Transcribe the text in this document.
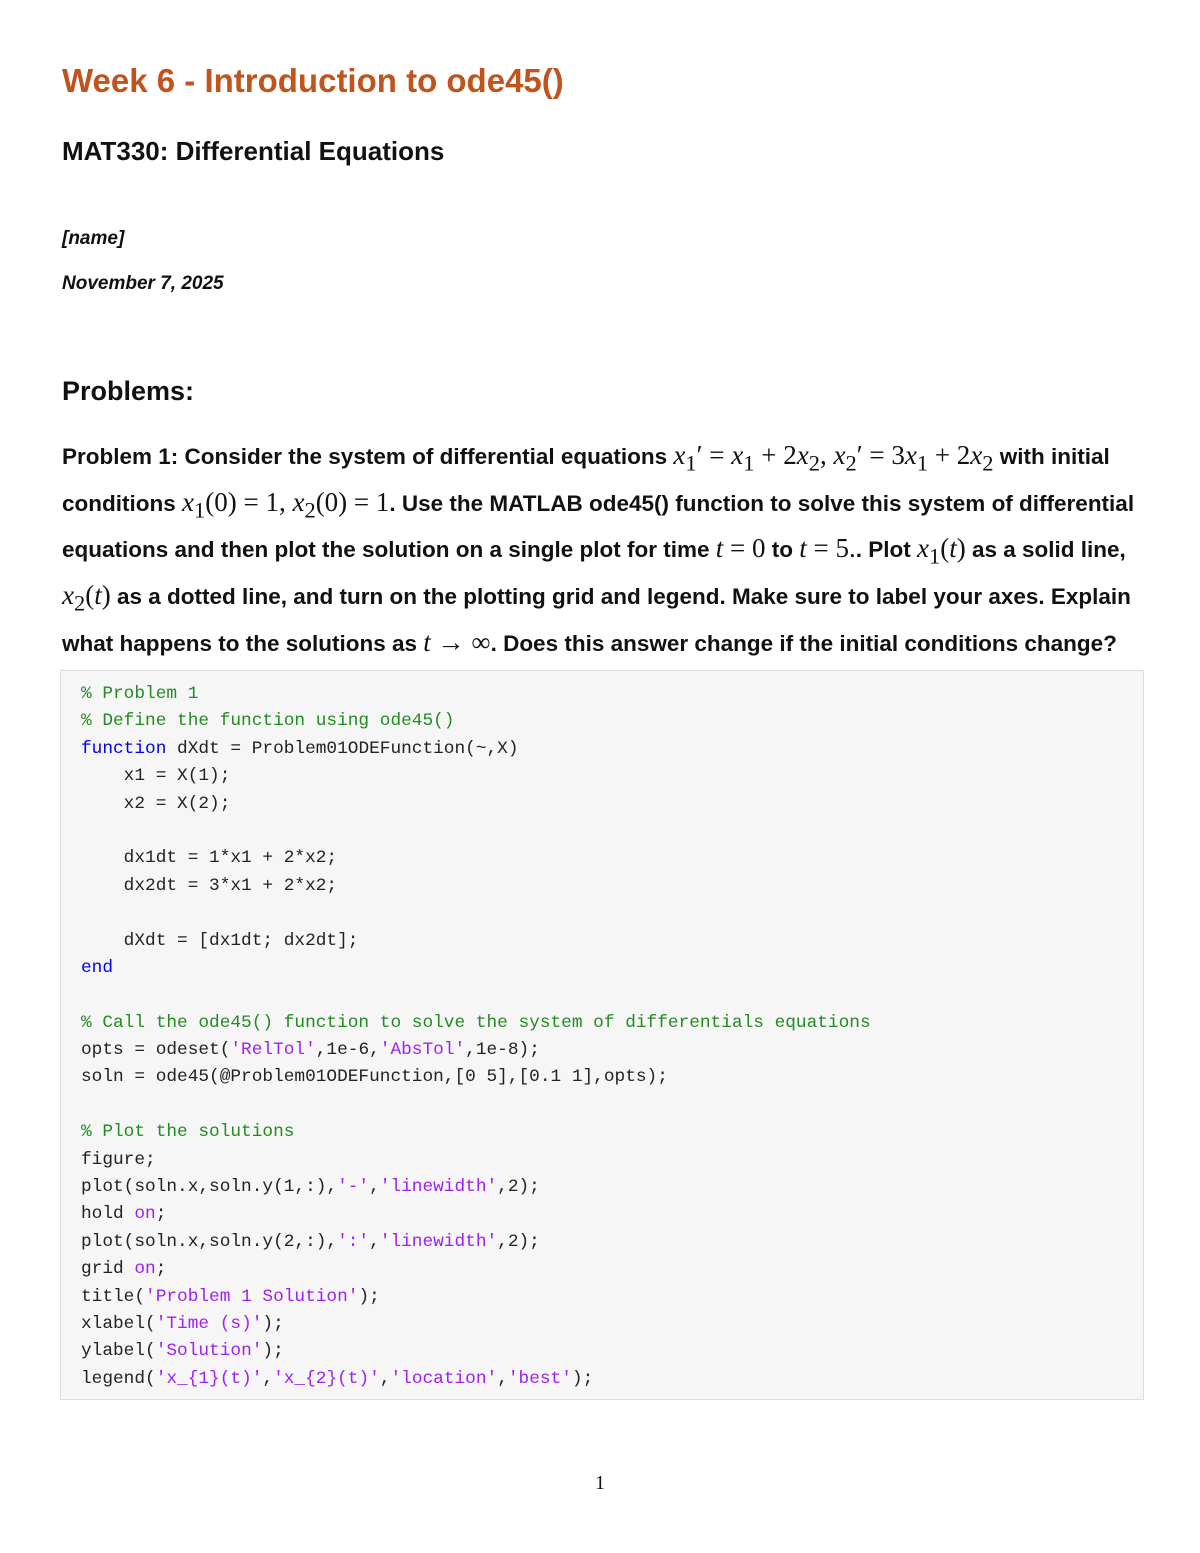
Week 6 - Introduction to ode45()
MAT330: Differential Equations

[name]

November 7, 2025

Problems:

Problem 1: Consider the system of differential equations $x_1' = x_1 + 2x_2$, $x_2' = 3x_1 + 2x_2$ with initial conditions $x_1(0) = 1$, $x_2(0) = 1$. Use the MATLAB ode45() function to solve this system of differential equations and then plot the solution on a single plot for time t = 0 to t = 5.. Plot $x_1(t)$ as a solid line, $x_2(t)$ as a dotted line, and turn on the plotting grid and legend. Make sure to label your axes. Explain what happens to the solutions as t → ∞. Does this answer change if the initial conditions change?

% Problem 1
% Define the function using ode45()
function dXdt = Problem01ODEFunction(~,X)
x1 = X(1);
x2 = X(2);
dx1dt = 1*x1 + 2*x2;
dx2dt = 3*x1 + 2*x2;
dXdt = [dx1dt; dx2dt];
end
% Call the ode45() function to solve the system of differentials equations
opts = odeset('RelTol',1e-6,'AbsTol',1e-8);
soln = ode45(@Problem01ODEFunction,[0 5],[0.1 1],opts);
% Plot the solutions
figure;
plot(soln.x,soln.y(1,:),'-','linewidth',2);
hold on;
plot(soln.x,soln.y(2,:),':','linewidth',2);
grid on;
title('Problem 1 Solution');
xlabel('Time (s)');
ylabel('Solution');
legend('x_{1}(t)','x_{2}(t)','location','best');
1
